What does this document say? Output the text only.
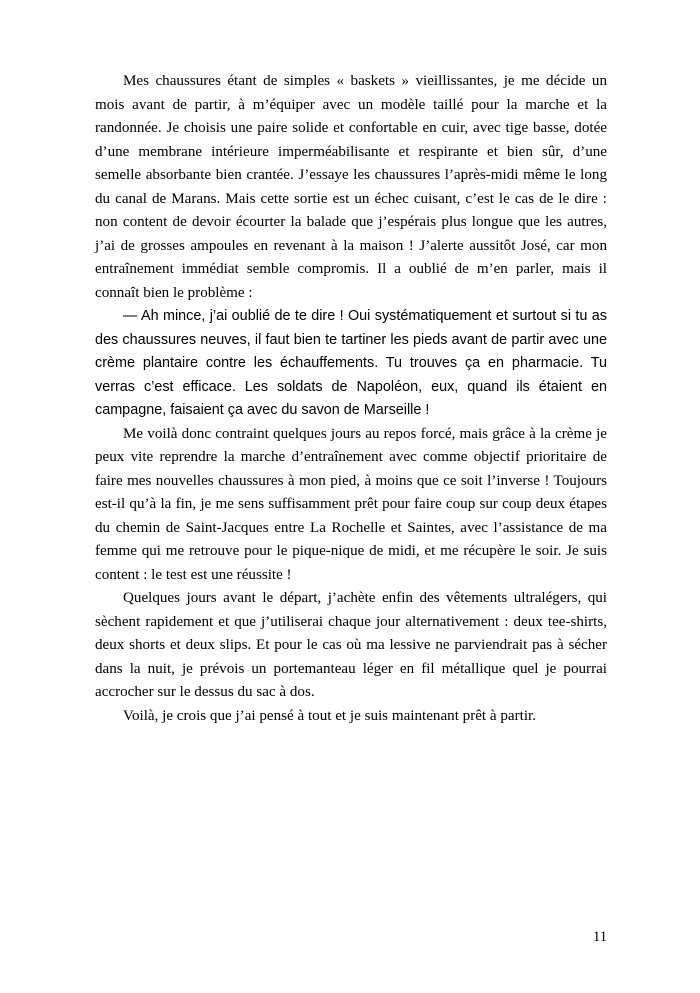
Mes chaussures étant de simples « baskets » vieillissantes, je me décide un mois avant de partir, à m’équiper avec un modèle taillé pour la marche et la randonnée. Je choisis une paire solide et confortable en cuir, avec tige basse, dotée d’une membrane intérieure imperméabilisante et respirante et bien sûr, d’une semelle absorbante bien crantée. J’essaye les chaussures l’après-midi même le long du canal de Marans. Mais cette sortie est un échec cuisant, c’est le cas de le dire : non content de devoir écourter la balade que j’espérais plus longue que les autres, j’ai de grosses ampoules en revenant à la maison ! J’alerte aussitôt José, car mon entraînement immédiat semble compromis. Il a oublié de m’en parler, mais il connaît bien le problème :

— Ah mince, j’ai oublié de te dire ! Oui systématiquement et surtout si tu as des chaussures neuves, il faut bien te tartiner les pieds avant de partir avec une crème plantaire contre les échauffements. Tu trouves ça en pharmacie. Tu verras c’est efficace. Les soldats de Napoléon, eux, quand ils étaient en campagne, faisaient ça avec du savon de Marseille !

Me voilà donc contraint quelques jours au repos forcé, mais grâce à la crème je peux vite reprendre la marche d’entraînement avec comme objectif prioritaire de faire mes nouvelles chaussures à mon pied, à moins que ce soit l’inverse ! Toujours est-il qu’à la fin, je me sens suffisamment prêt pour faire coup sur coup deux étapes du chemin de Saint-Jacques entre La Rochelle et Saintes, avec l’assistance de ma femme qui me retrouve pour le pique-nique de midi, et me récupère le soir. Je suis content : le test est une réussite !

Quelques jours avant le départ, j’achète enfin des vêtements ultralégers, qui sèchent rapidement et que j’utiliserai chaque jour alternativement : deux tee-shirts, deux shorts et deux slips. Et pour le cas où ma lessive ne parviendrait pas à sécher dans la nuit, je prévois un portemanteau léger en fil métallique quel je pourrai accrocher sur le dessus du sac à dos.

Voilà, je crois que j’ai pensé à tout et je suis maintenant prêt à partir.

11
